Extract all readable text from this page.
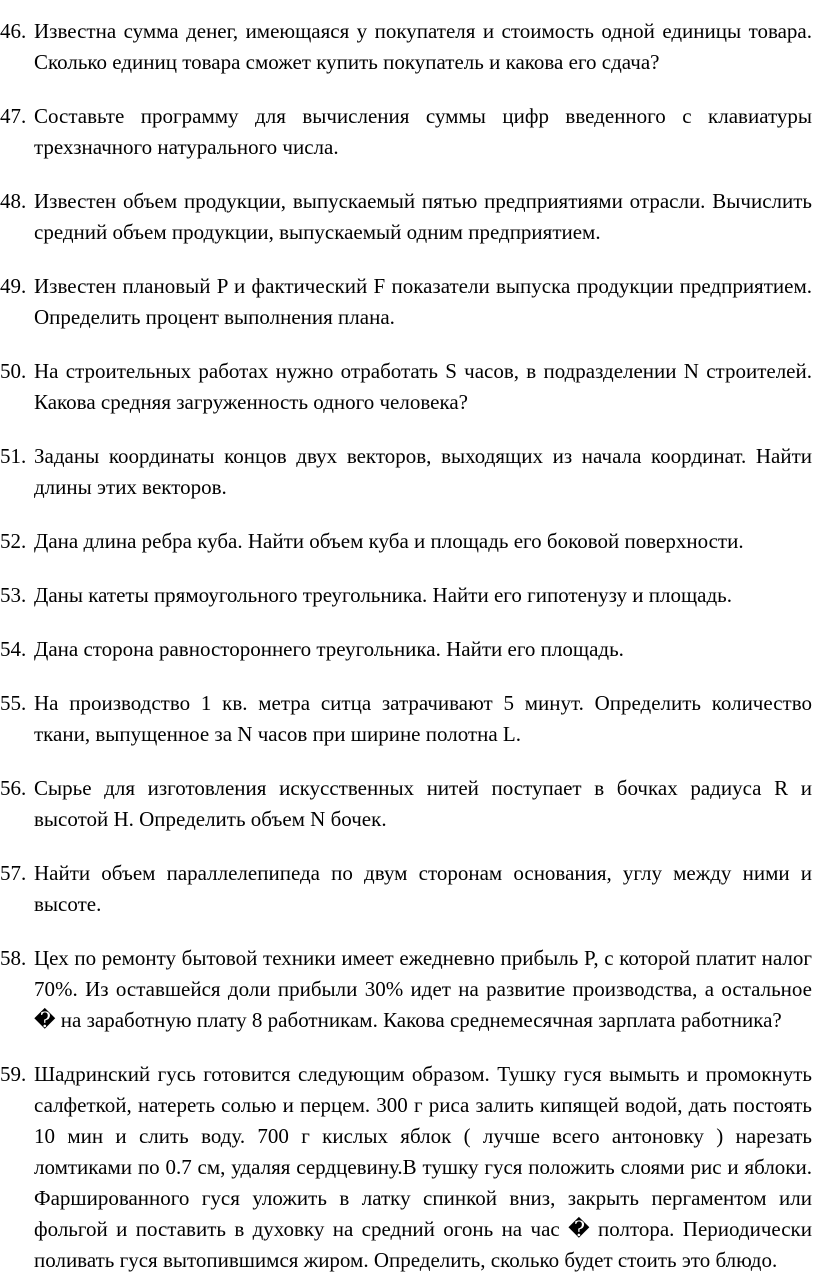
46. Известна сумма денег, имеющаяся у покупателя и стоимость одной единицы товара. Сколько единиц товара сможет купить покупатель и какова его сдача?
47. Составьте программу для вычисления суммы цифр введенного с клавиатуры трехзначного натурального числа.
48. Известен объем продукции, выпускаемый пятью предприятиями отрасли. Вычислить средний объем продукции, выпускаемый одним предприятием.
49. Известен плановый P и фактический F показатели выпуска продукции предприятием. Определить процент выполнения плана.
50. На строительных работах нужно отработать S часов, в подразделении N строителей. Какова средняя загруженность одного человека?
51. Заданы координаты концов двух векторов, выходящих из начала координат. Найти длины этих векторов.
52. Дана длина ребра куба. Найти объем куба и площадь его боковой поверхности.
53. Даны катеты прямоугольного треугольника. Найти его гипотенузу и площадь.
54. Дана сторона равностороннего треугольника. Найти его площадь.
55. На производство 1 кв. метра ситца затрачивают 5 минут. Определить количество ткани, выпущенное за N часов при ширине полотна L.
56. Сырье для изготовления искусственных нитей поступает в бочках радиуса R и высотой H. Определить объем N бочек.
57. Найти объем параллелепипеда по двум сторонам основания, углу между ними и высоте.
58. Цех по ремонту бытовой техники имеет ежедневно прибыль P, с которой платит налог 70%. Из оставшейся доли прибыли 30% идет на развитие производства, а остальное � на заработную плату 8 работникам. Какова среднемесячная зарплата работника?
59. Шадринский гусь готовится следующим образом. Тушку гуся вымыть и промокнуть салфеткой, натереть солью и перцем. 300 г риса залить кипящей водой, дать постоять 10 мин и слить воду. 700 г кислых яблок ( лучше всего антоновку ) нарезать ломтиками по 0.7 см, удаляя сердцевину.В тушку гуся положить слоями рис и яблоки. Фаршированного гуся уложить в латку спинкой вниз, закрыть пергаментом или фольгой и поставить в духовку на средний огонь на час � полтора. Периодически поливать гуся вытопившимся жиром. Определить, сколько будет стоить это блюдо.
